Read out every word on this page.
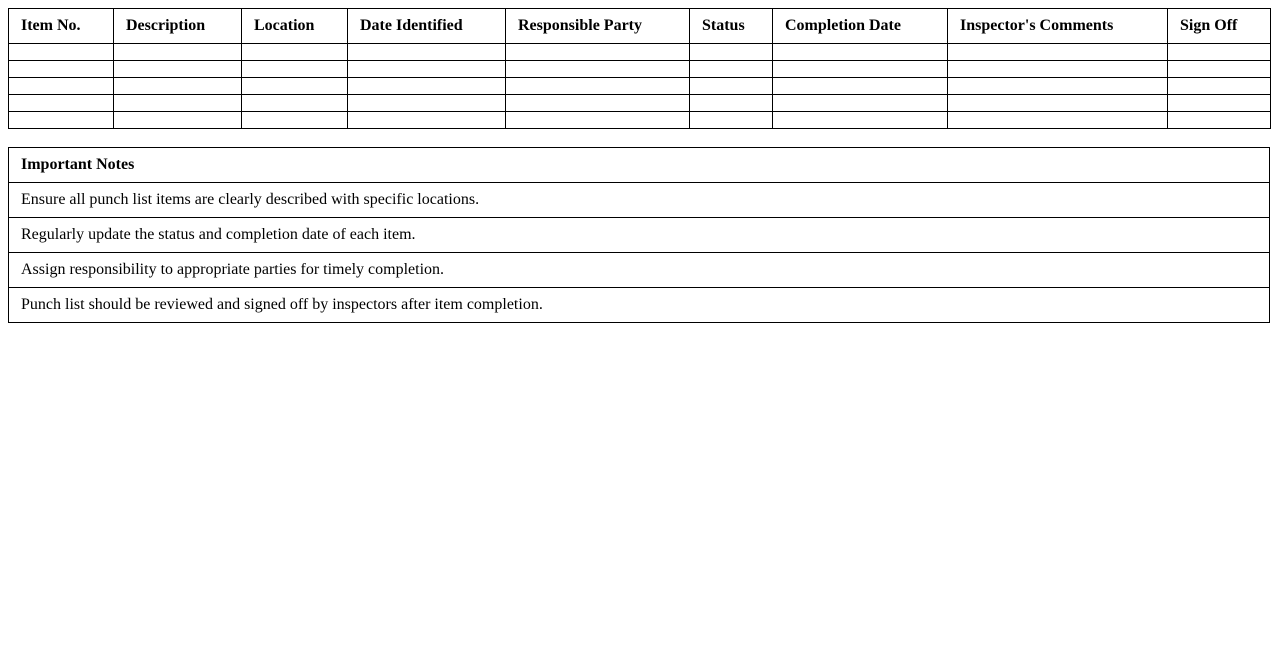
Item No.	Description	Location	Date Identified	Responsible Party	Status	Completion Date	Inspector's Comments	Sign Off

Important Notes
Ensure all punch list items are clearly described with specific locations.
Regularly update the status and completion date of each item.
Assign responsibility to appropriate parties for timely completion.
Punch list should be reviewed and signed off by inspectors after item completion.
